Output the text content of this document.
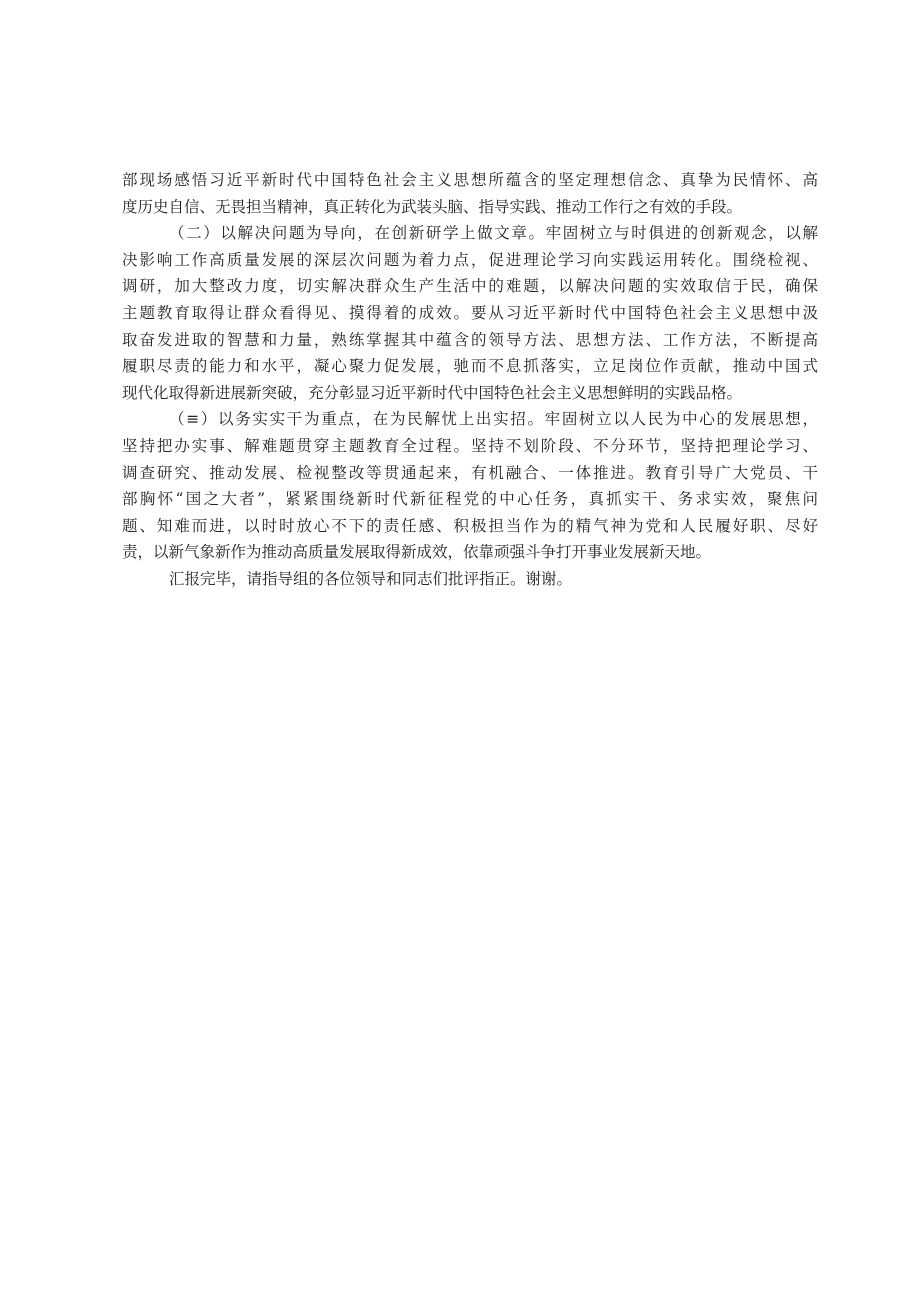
部现场感悟习近平新时代中国特色社会主义思想所蕴含的坚定理想信念、真挚为民情怀、高
度历史自信、无畏担当精神，真正转化为武装头脑、指导实践、推动工作行之有效的手段。
（二）以解决问题为导向，在创新研学上做文章。牢固树立与时俱进的创新观念，以解
决影响工作高质量发展的深层次问题为着力点，促进理论学习向实践运用转化。围绕检视、
调研，加大整改力度，切实解决群众生产生活中的难题，以解决问题的实效取信于民，确保
主题教育取得让群众看得见、摸得着的成效。要从习近平新时代中国特色社会主义思想中汲
取奋发进取的智慧和力量，熟练掌握其中蕴含的领导方法、思想方法、工作方法，不断提高
履职尽责的能力和水平，凝心聚力促发展，驰而不息抓落实，立足岗位作贡献，推动中国式
现代化取得新进展新突破，充分彰显习近平新时代中国特色社会主义思想鲜明的实践品格。
（≡）以务实实干为重点，在为民解忧上出实招。牢固树立以人民为中心的发展思想，
坚持把办实事、解难题贯穿主题教育全过程。坚持不划阶段、不分环节，坚持把理论学习、
调查研究、推动发展、检视整改等贯通起来，有机融合、一体推进。教育引导广大党员、干
部胸怀“国之大者”，紧紧围绕新时代新征程党的中心任务，真抓实干、务求实效，聚焦问
题、知难而进，以时时放心不下的责任感、积极担当作为的精气神为党和人民履好职、尽好
责，以新气象新作为推动高质量发展取得新成效，依靠顽强斗争打开事业发展新天地。
汇报完毕，请指导组的各位领导和同志们批评指正。谢谢。
